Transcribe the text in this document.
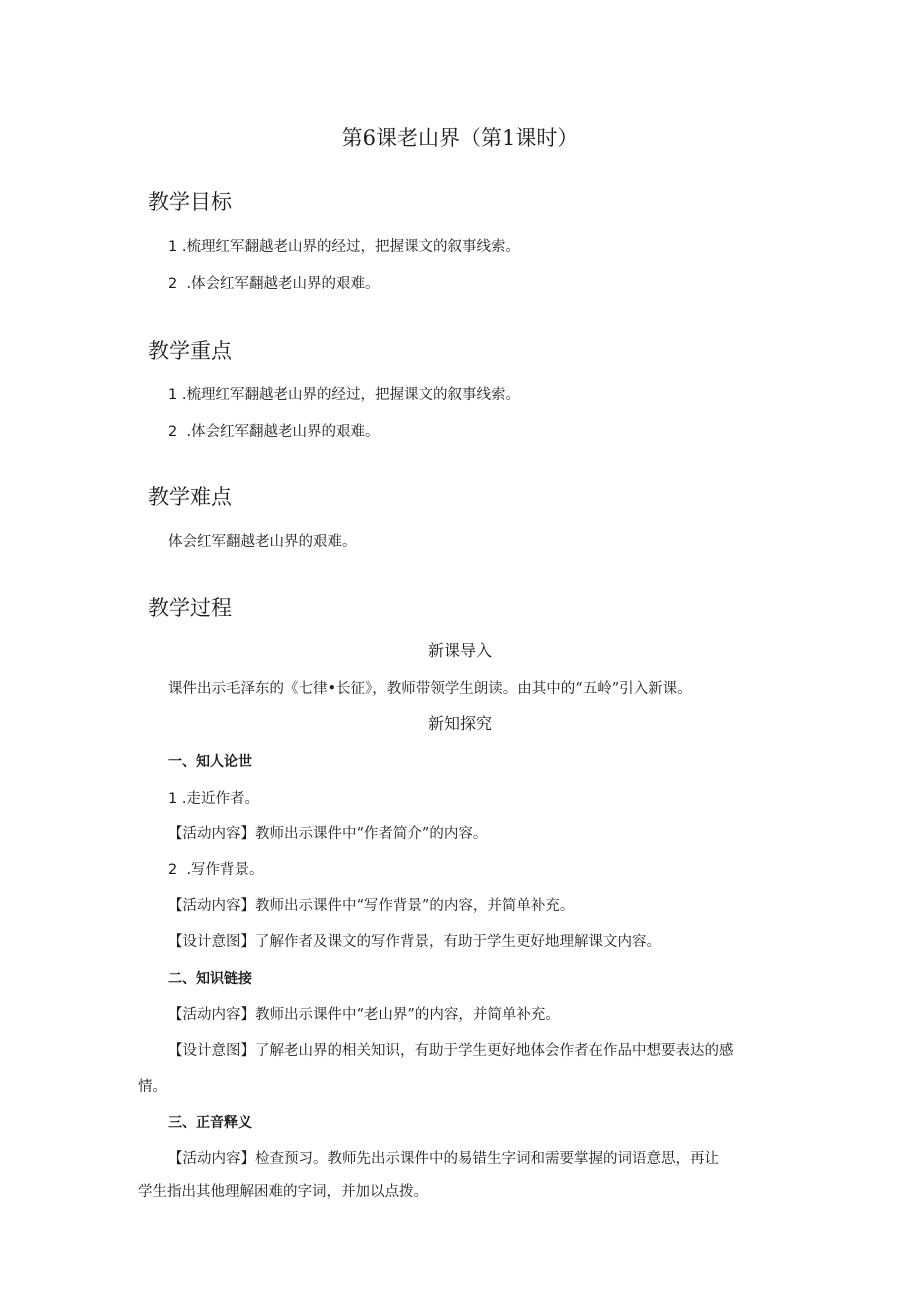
第6课老山界（第1课时）
教学目标
1 .梳理红军翻越老山界的经过，把握课文的叙事线索。
2 .体会红军翻越老山界的艰难。
教学重点
1 .梳理红军翻越老山界的经过，把握课文的叙事线索。
2 .体会红军翻越老山界的艰难。
教学难点
体会红军翻越老山界的艰难。
教学过程
新课导入
课件出示毛泽东的《七律•长征》，教师带领学生朗读。由其中的“五岭”引入新课。
新知探究
一、知人论世
1 .走近作者。
【活动内容】教师出示课件中“作者简介”的内容。
2 .写作背景。
【活动内容】教师出示课件中“写作背景”的内容，并简单补充。
【设计意图】了解作者及课文的写作背景，有助于学生更好地理解课文内容。
二、知识链接
【活动内容】教师出示课件中“老山界”的内容，并简单补充。
【设计意图】了解老山界的相关知识，有助于学生更好地体会作者在作品中想要表达的感
情。
三、正音释义
【活动内容】检查预习。教师先出示课件中的易错生字词和需要掌握的词语意思，再让
学生指出其他理解困难的字词，并加以点拨。
